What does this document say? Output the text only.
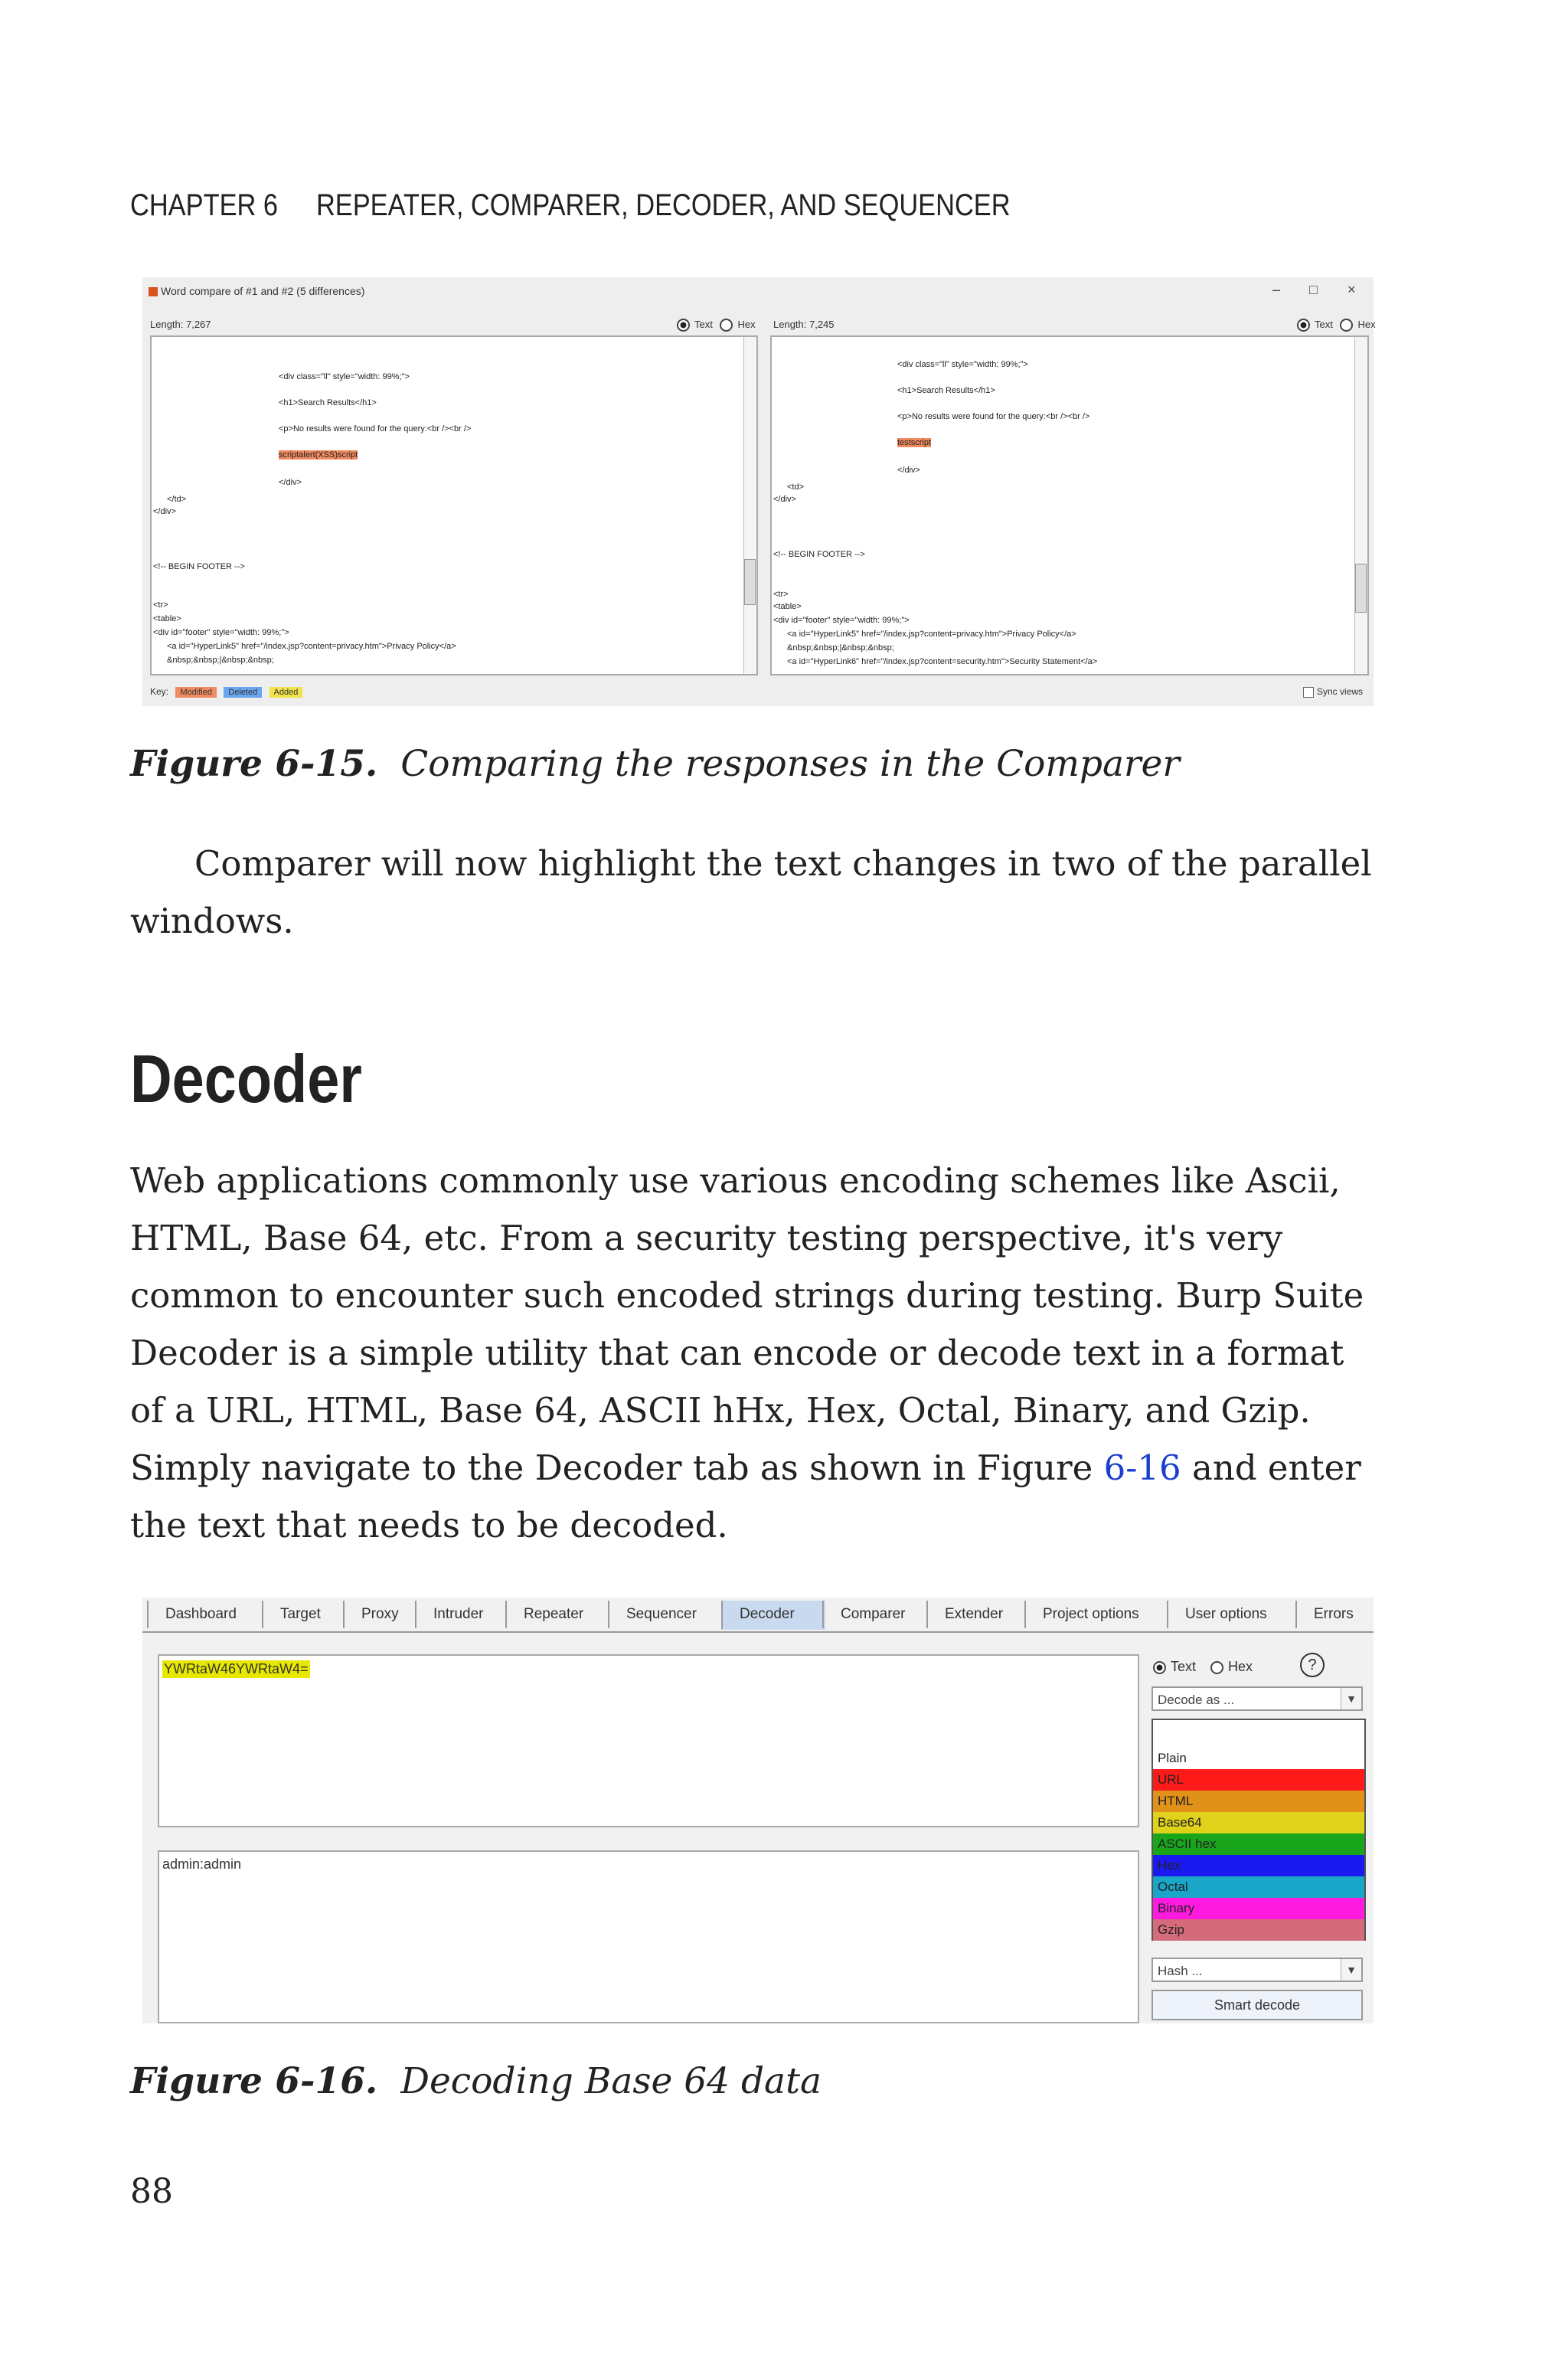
CHAPTER 6 REPEATER, COMPARER, DECODER, AND SEQUENCER
Word compare of #1 and #2 (5 differences)	– □ ×
Length: 7,267	Text	Hex Length: 7,245	Text	Hex
<div class="ll" style="width: 99%;">
<h1>Search Results</h1>
<p>No results were found for the query:<br /><br />
scriptalert(XSS)script
</div>
</td>
</div>
<!-- BEGIN FOOTER -->
<tr>
<table>
<div id="footer" style="width: 99%;">
<a id="HyperLink5" href="/index.jsp?content=privacy.htm">Privacy Policy</a>
&nbsp;&nbsp;|&nbsp;&nbsp;
<div class="ll" style="width: 99%;">
<h1>Search Results</h1>
<p>No results were found for the query:<br /><br />
testscript
</div>
<td>
</div>
<!-- BEGIN FOOTER -->
<tr>
<table>
<div id="footer" style="width: 99%;">
<a id="HyperLink5" href="/index.jsp?content=privacy.htm">Privacy Policy</a>
&nbsp;&nbsp;|&nbsp;&nbsp;
<a id="HyperLink6" href="/index.jsp?content=security.htm">Security Statement</a>
Key: Modified Deleted Added	Sync views
Figure 6-15. Comparing the responses in the Comparer
Comparer will now highlight the text changes in two of the parallel windows.
Decoder
Web applications commonly use various encoding schemes like Ascii, HTML, Base 64, etc. From a security testing perspective, it's very common to encounter such encoded strings during testing. Burp Suite Decoder is a simple utility that can encode or decode text in a format of a URL, HTML, Base 64, ASCII hHx, Hex, Octal, Binary, and Gzip. Simply navigate to the Decoder tab as shown in Figure 6-16 and enter the text that needs to be decoded.
Dashboard	Target	Proxy	Intruder	Repeater	Sequencer	Decoder	Comparer	Extender	Project options	User options	Errors
YWRtaW46YWRtaW4=
admin:admin
Text Hex	?
Decode as ...	▼
Hash ...	▼
Smart decode
Plain
URL
HTML
Base64
ASCII hex
Hex
Octal
Binary
Gzip
Figure 6-16. Decoding Base 64 data
88
